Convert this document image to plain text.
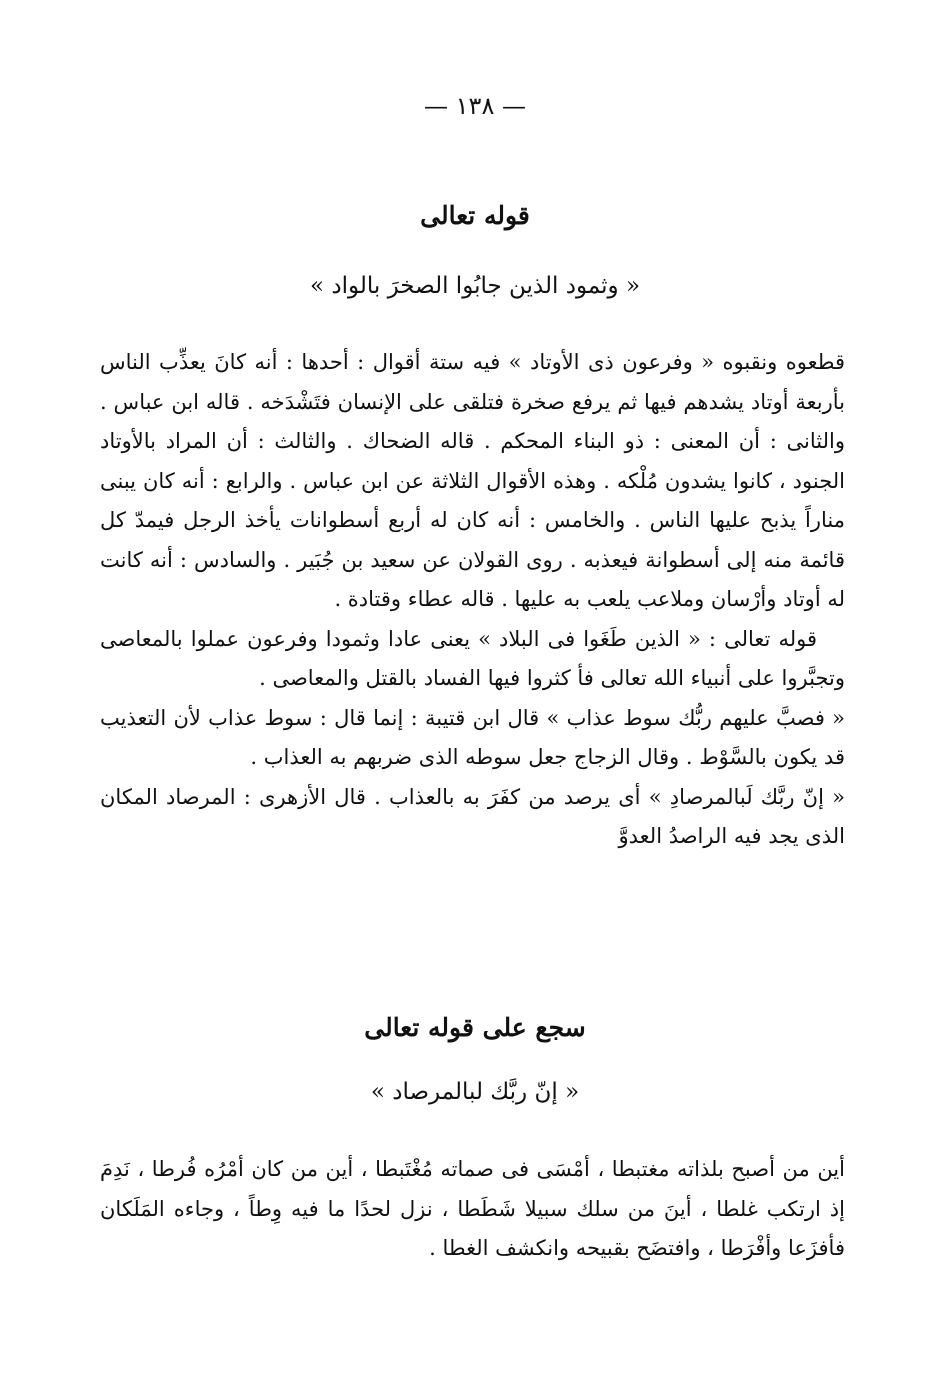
— ١٣٨ —

قوله تعالى

« وثمود الذين جابُوا الصخرَ بالواد »

قطعوه ونقبوه « وفرعون ذى الأوتاد » فيه ستة أقوال : أحدها : أنه كانَ يعذِّب الناس بأربعة أوتاد يشدهم فيها ثم يرفع صخرة فتلقى على الإنسان فتَشْدَخه . قاله ابن عباس . والثانى : أن المعنى : ذو البناء المحكم . قاله الضحاك . والثالث : أن المراد بالأوتاد الجنود ، كانوا يشدون مُلْكه . وهذه الأقوال الثلاثة عن ابن عباس . والرابع : أنه كان يبنى مناراً يذبح عليها الناس . والخامس : أنه كان له أربع أسطوانات يأخذ الرجل فيمدّ كل قائمة منه إلى أسطوانة فيعذبه . روى القولان عن سعيد بن جُبَير . والسادس : أنه كانت له أوتاد وأرْسان وملاعب يلعب به عليها . قاله عطاء وقتادة .

قوله تعالى : « الذين طَغَوا فى البلاد » يعنى عادا وثمودا وفرعون عملوا بالمعاصى وتجبَّروا على أنبياء الله تعالى فأ كثروا فيها الفساد بالقتل والمعاصى .

« فصبَّ عليهم ربُّك سوط عذاب » قال ابن قتيبة : إنما قال : سوط عذاب لأن التعذيب قد يكون بالسَّوْط . وقال الزجاج جعل سوطه الذى ضربهم به العذاب .

« إنّ ربَّك لَبالمرصادِ » أى يرصد من كفَرَ به بالعذاب . قال الأزهرى : المرصاد المكان الذى يجد فيه الراصدُ العدوَّ

سجع على قوله تعالى

« إنّ ربَّك لبالمرصاد »

أين من أصبح بلذاته مغتبطا ، أمْسَى فى صماته مُغْتَبطا ، أين من كان أمْرُه فُرطا ، نَدِمَ إذ ارتكب غلطا ، أينَ من سلك سبيلا شَطَطا ، نزل لحدًا ما فيه وِطاً ، وجاءه المَلَكان فأفزَعا وأفْرَطا ، وافتضَح بقبيحه وانكشف الغطا .
